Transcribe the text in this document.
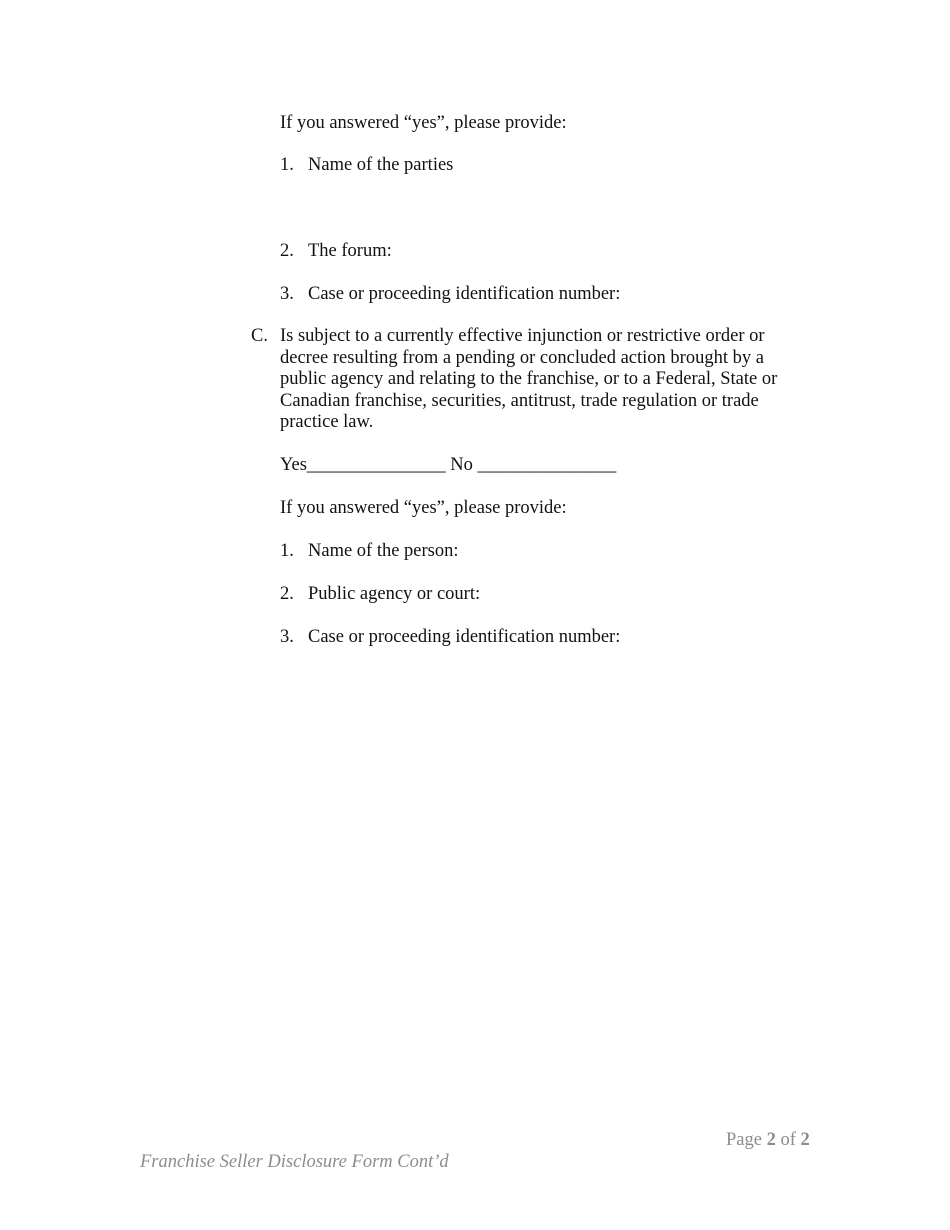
If you answered “yes”, please provide:

1. Name of the parties
2. The forum:
3. Case or proceeding identification number:
C. Is subject to a currently effective injunction or restrictive order or
decree resulting from a pending or concluded action brought by a
public agency and relating to the franchise, or to a Federal, State or
Canadian franchise, securities, antitrust, trade regulation or trade
practice law.

Yes_______________ No _______________

If you answered “yes”, please provide:

1. Name of the person:
2. Public agency or court:
3. Case or proceeding identification number:
Page 2 of 2
Franchise Seller Disclosure Form Cont’d
